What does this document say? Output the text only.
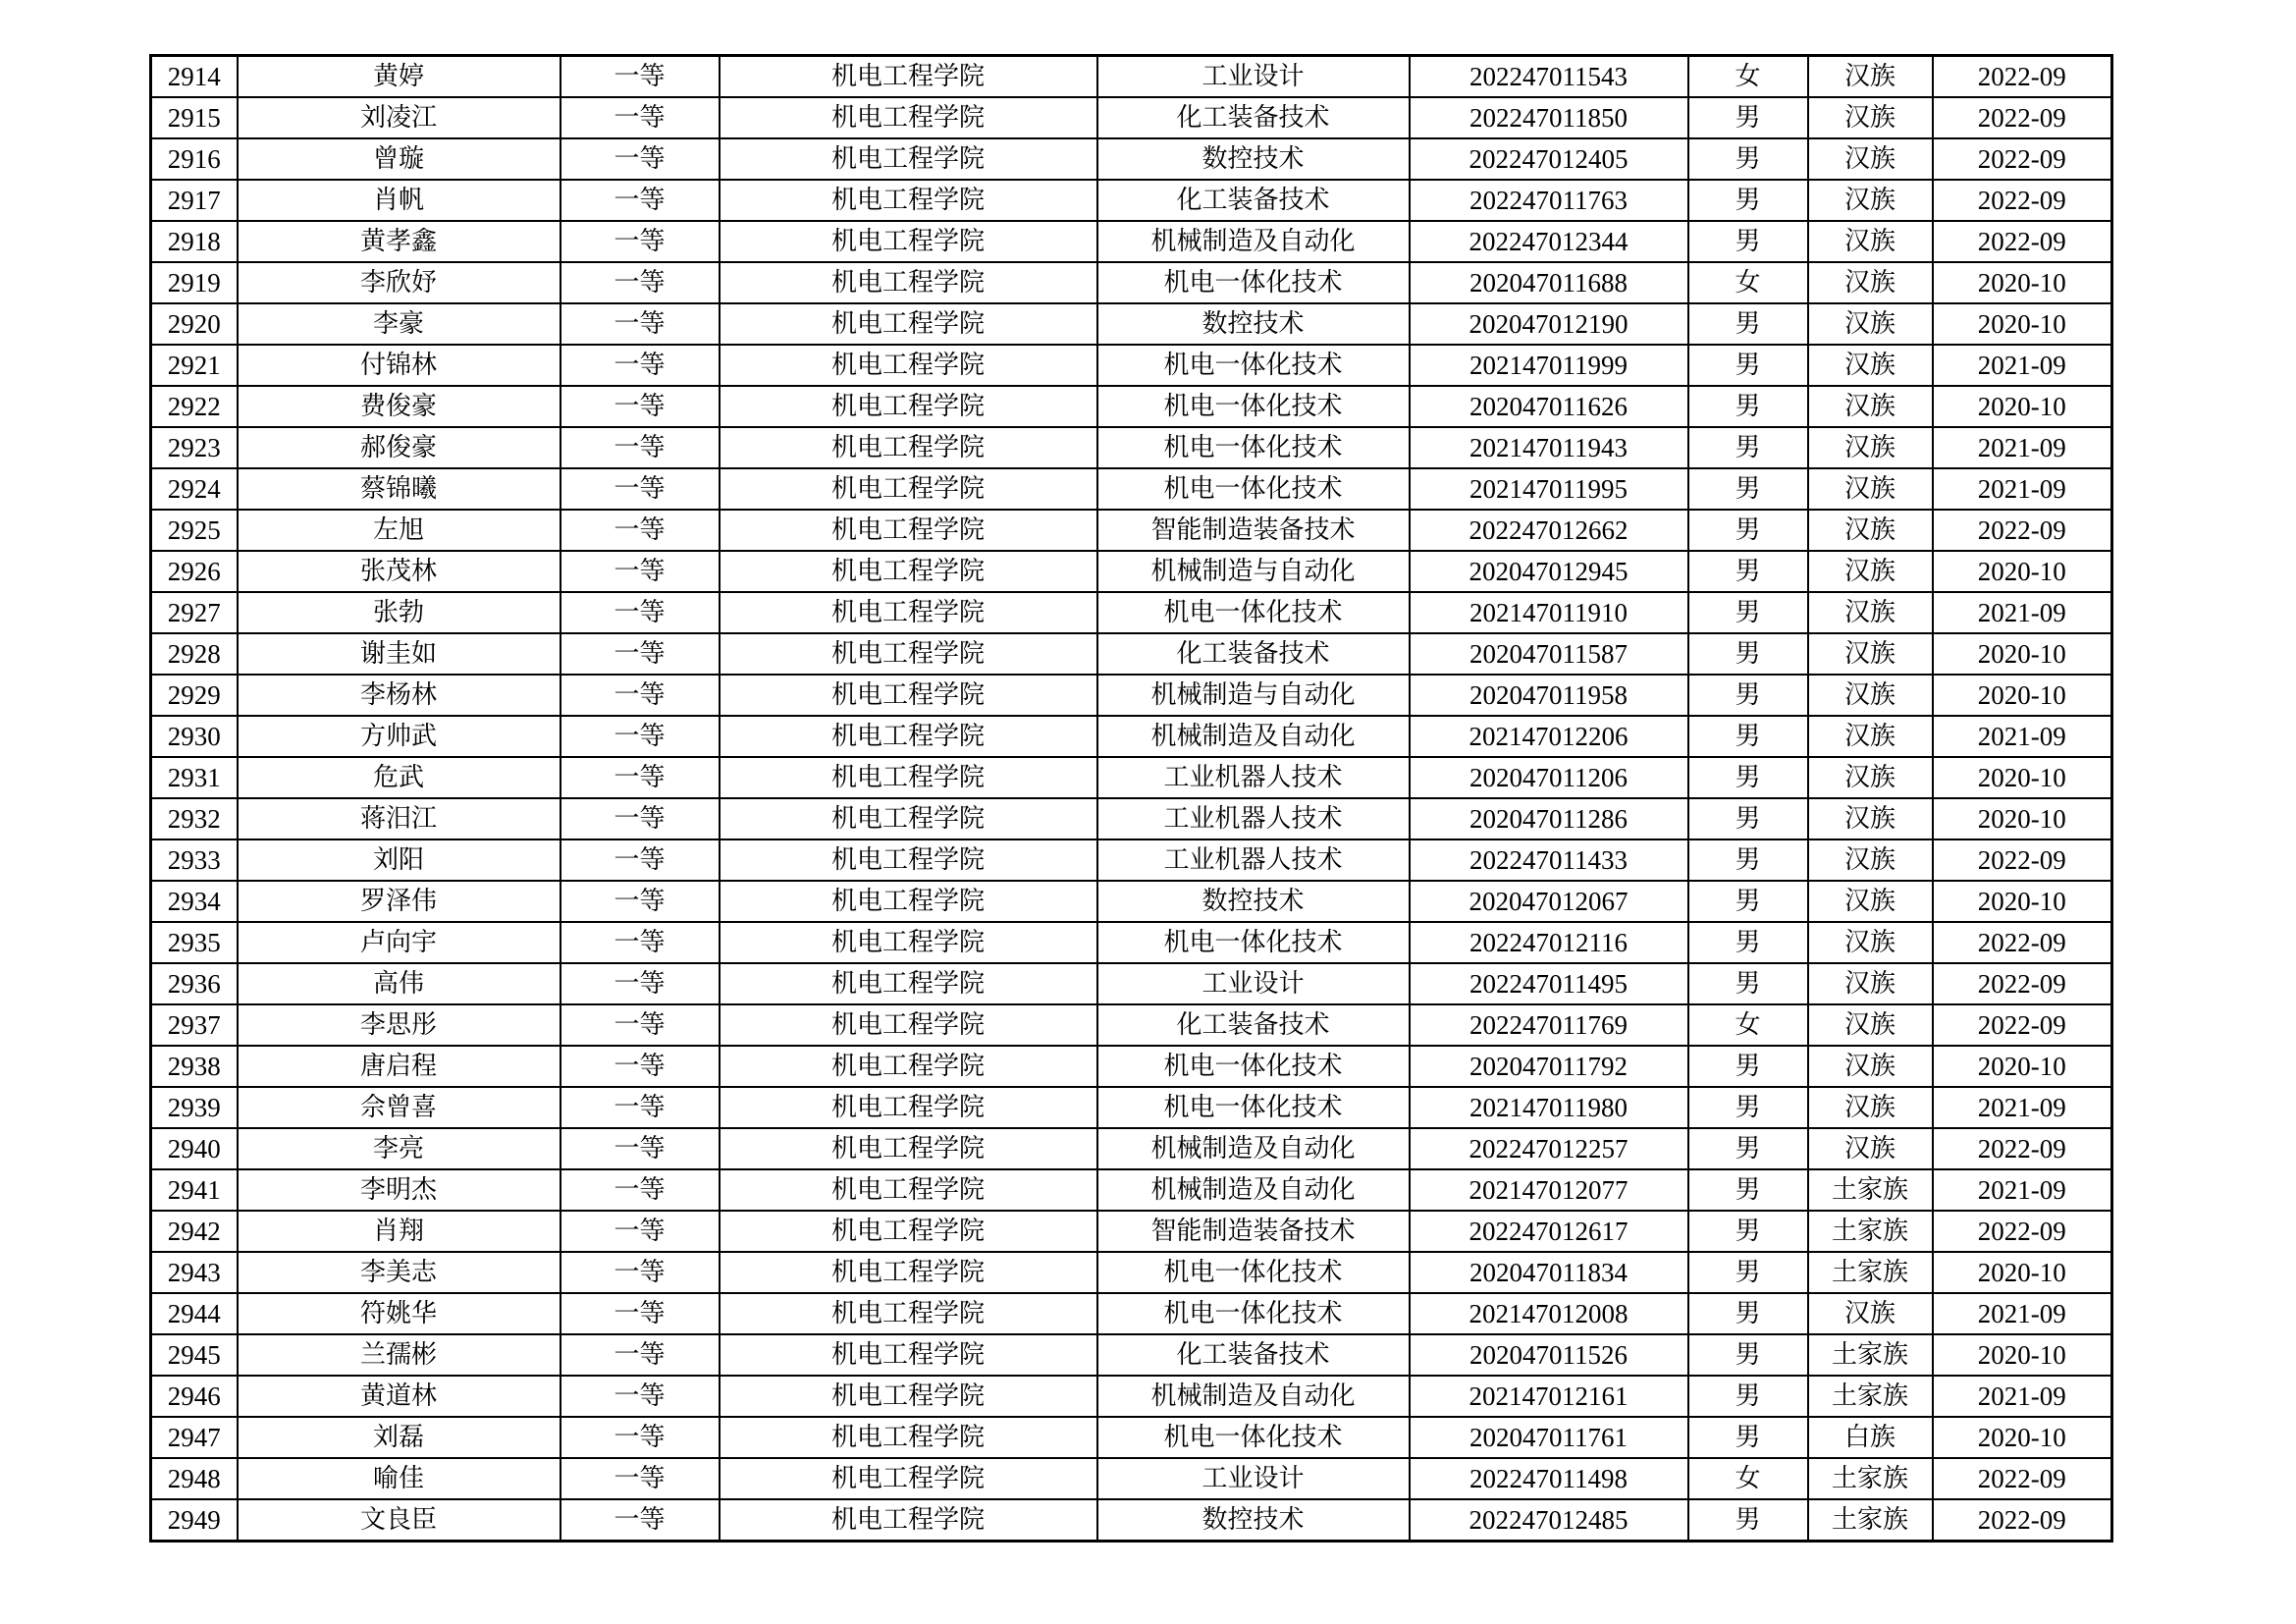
2914	黄婷	一等	机电工程学院	工业设计	202247011543	女	汉族	2022-09
2915	刘凌江	一等	机电工程学院	化工装备技术	202247011850	男	汉族	2022-09
2916	曾璇	一等	机电工程学院	数控技术	202247012405	男	汉族	2022-09
2917	肖帆	一等	机电工程学院	化工装备技术	202247011763	男	汉族	2022-09
2918	黄孝鑫	一等	机电工程学院	机械制造及自动化	202247012344	男	汉族	2022-09
2919	李欣妤	一等	机电工程学院	机电一体化技术	202047011688	女	汉族	2020-10
2920	李豪	一等	机电工程学院	数控技术	202047012190	男	汉族	2020-10
2921	付锦林	一等	机电工程学院	机电一体化技术	202147011999	男	汉族	2021-09
2922	费俊豪	一等	机电工程学院	机电一体化技术	202047011626	男	汉族	2020-10
2923	郝俊豪	一等	机电工程学院	机电一体化技术	202147011943	男	汉族	2021-09
2924	蔡锦曦	一等	机电工程学院	机电一体化技术	202147011995	男	汉族	2021-09
2925	左旭	一等	机电工程学院	智能制造装备技术	202247012662	男	汉族	2022-09
2926	张茂林	一等	机电工程学院	机械制造与自动化	202047012945	男	汉族	2020-10
2927	张勃	一等	机电工程学院	机电一体化技术	202147011910	男	汉族	2021-09
2928	谢圭如	一等	机电工程学院	化工装备技术	202047011587	男	汉族	2020-10
2929	李杨林	一等	机电工程学院	机械制造与自动化	202047011958	男	汉族	2020-10
2930	方帅武	一等	机电工程学院	机械制造及自动化	202147012206	男	汉族	2021-09
2931	危武	一等	机电工程学院	工业机器人技术	202047011206	男	汉族	2020-10
2932	蒋汨江	一等	机电工程学院	工业机器人技术	202047011286	男	汉族	2020-10
2933	刘阳	一等	机电工程学院	工业机器人技术	202247011433	男	汉族	2022-09
2934	罗泽伟	一等	机电工程学院	数控技术	202047012067	男	汉族	2020-10
2935	卢向宇	一等	机电工程学院	机电一体化技术	202247012116	男	汉族	2022-09
2936	高伟	一等	机电工程学院	工业设计	202247011495	男	汉族	2022-09
2937	李思彤	一等	机电工程学院	化工装备技术	202247011769	女	汉族	2022-09
2938	唐启程	一等	机电工程学院	机电一体化技术	202047011792	男	汉族	2020-10
2939	佘曾喜	一等	机电工程学院	机电一体化技术	202147011980	男	汉族	2021-09
2940	李亮	一等	机电工程学院	机械制造及自动化	202247012257	男	汉族	2022-09
2941	李明杰	一等	机电工程学院	机械制造及自动化	202147012077	男	土家族	2021-09
2942	肖翔	一等	机电工程学院	智能制造装备技术	202247012617	男	土家族	2022-09
2943	李美志	一等	机电工程学院	机电一体化技术	202047011834	男	土家族	2020-10
2944	符姚华	一等	机电工程学院	机电一体化技术	202147012008	男	汉族	2021-09
2945	兰孺彬	一等	机电工程学院	化工装备技术	202047011526	男	土家族	2020-10
2946	黄道林	一等	机电工程学院	机械制造及自动化	202147012161	男	土家族	2021-09
2947	刘磊	一等	机电工程学院	机电一体化技术	202047011761	男	白族	2020-10
2948	喻佳	一等	机电工程学院	工业设计	202247011498	女	土家族	2022-09
2949	文良臣	一等	机电工程学院	数控技术	202247012485	男	土家族	2022-09
